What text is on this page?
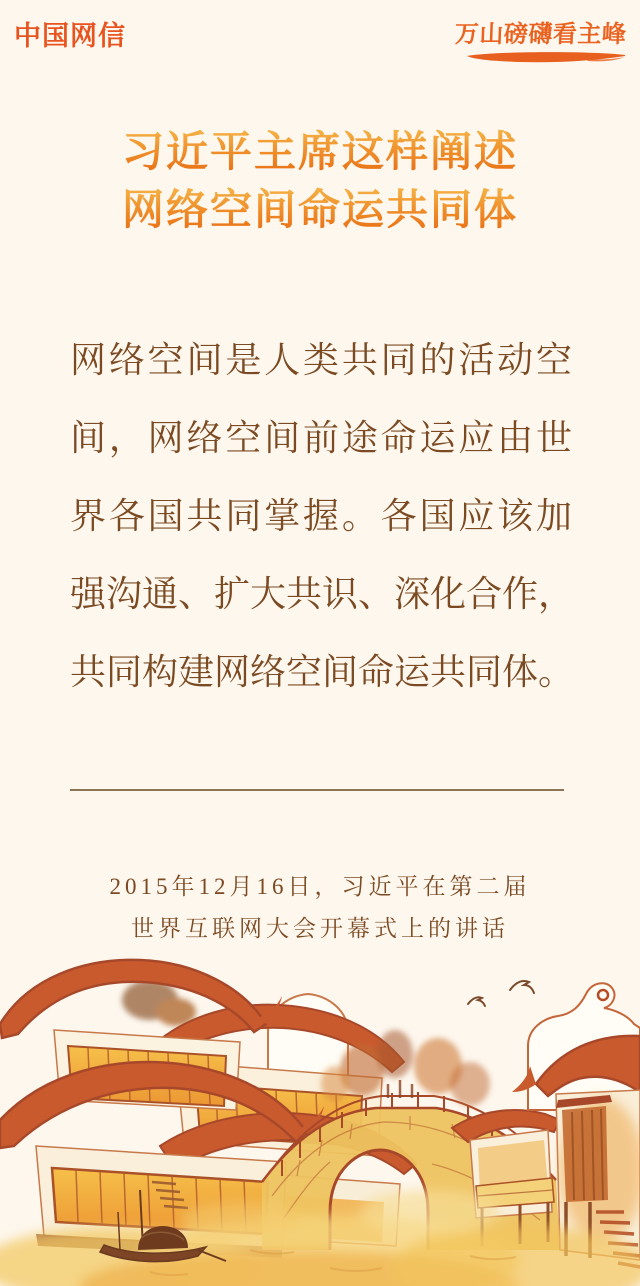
中国网信	万山磅礴看主峰
习近平主席这样阐述
网络空间命运共同体

网络空间是人类共同的活动空

间，网络空间前途命运应由世

界各国共同掌握。各国应该加

强沟通、扩大共识、深化合作，

共同构建网络空间命运共同体。

2015年12月16日，习近平在第二届

世界互联网大会开幕式上的讲话
